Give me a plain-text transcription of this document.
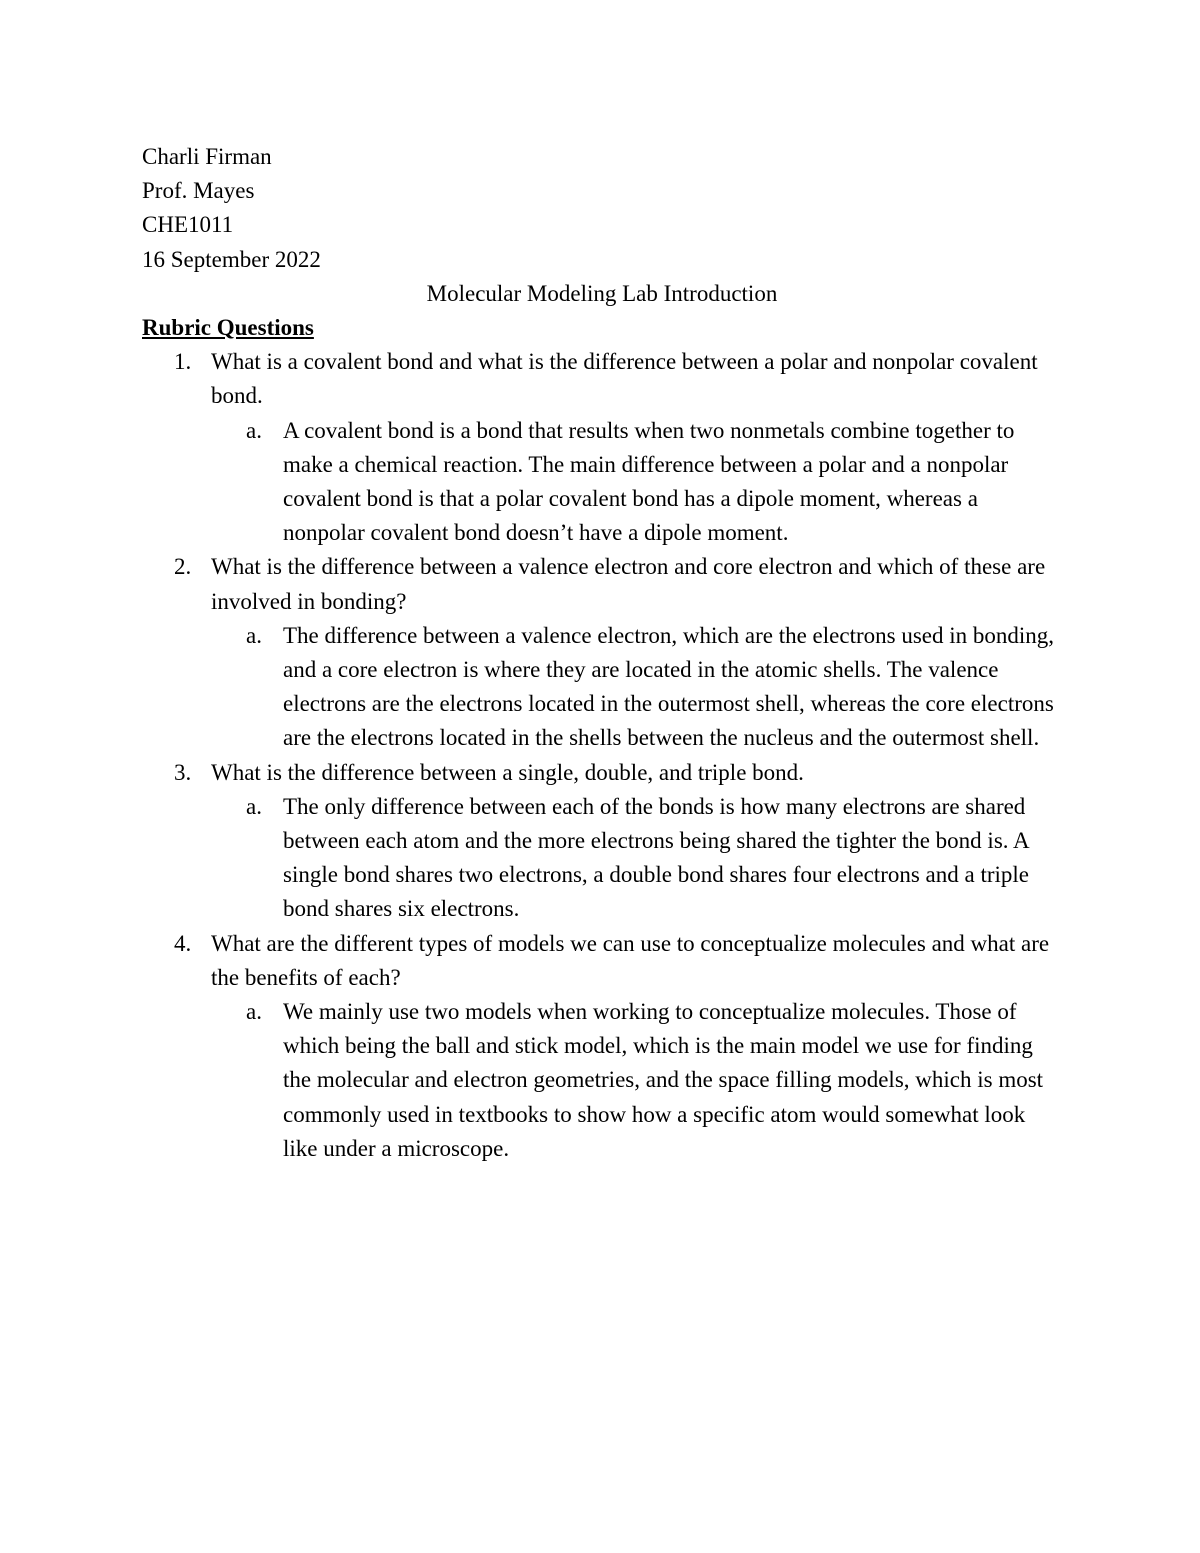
Charli Firman
Prof. Mayes
CHE1011
16 September 2022
Molecular Modeling Lab Introduction
Rubric Questions
1. What is a covalent bond and what is the difference between a polar and nonpolar covalent bond.
a. A covalent bond is a bond that results when two nonmetals combine together to make a chemical reaction. The main difference between a polar and a nonpolar covalent bond is that a polar covalent bond has a dipole moment, whereas a nonpolar covalent bond doesn’t have a dipole moment.
2. What is the difference between a valence electron and core electron and which of these are involved in bonding?
a. The difference between a valence electron, which are the electrons used in bonding, and a core electron is where they are located in the atomic shells. The valence electrons are the electrons located in the outermost shell, whereas the core electrons are the electrons located in the shells between the nucleus and the outermost shell.
3. What is the difference between a single, double, and triple bond.
a. The only difference between each of the bonds is how many electrons are shared between each atom and the more electrons being shared the tighter the bond is. A single bond shares two electrons, a double bond shares four electrons and a triple bond shares six electrons.
4. What are the different types of models we can use to conceptualize molecules and what are the benefits of each?
a. We mainly use two models when working to conceptualize molecules. Those of which being the ball and stick model, which is the main model we use for finding the molecular and electron geometries, and the space filling models, which is most commonly used in textbooks to show how a specific atom would somewhat look like under a microscope.
